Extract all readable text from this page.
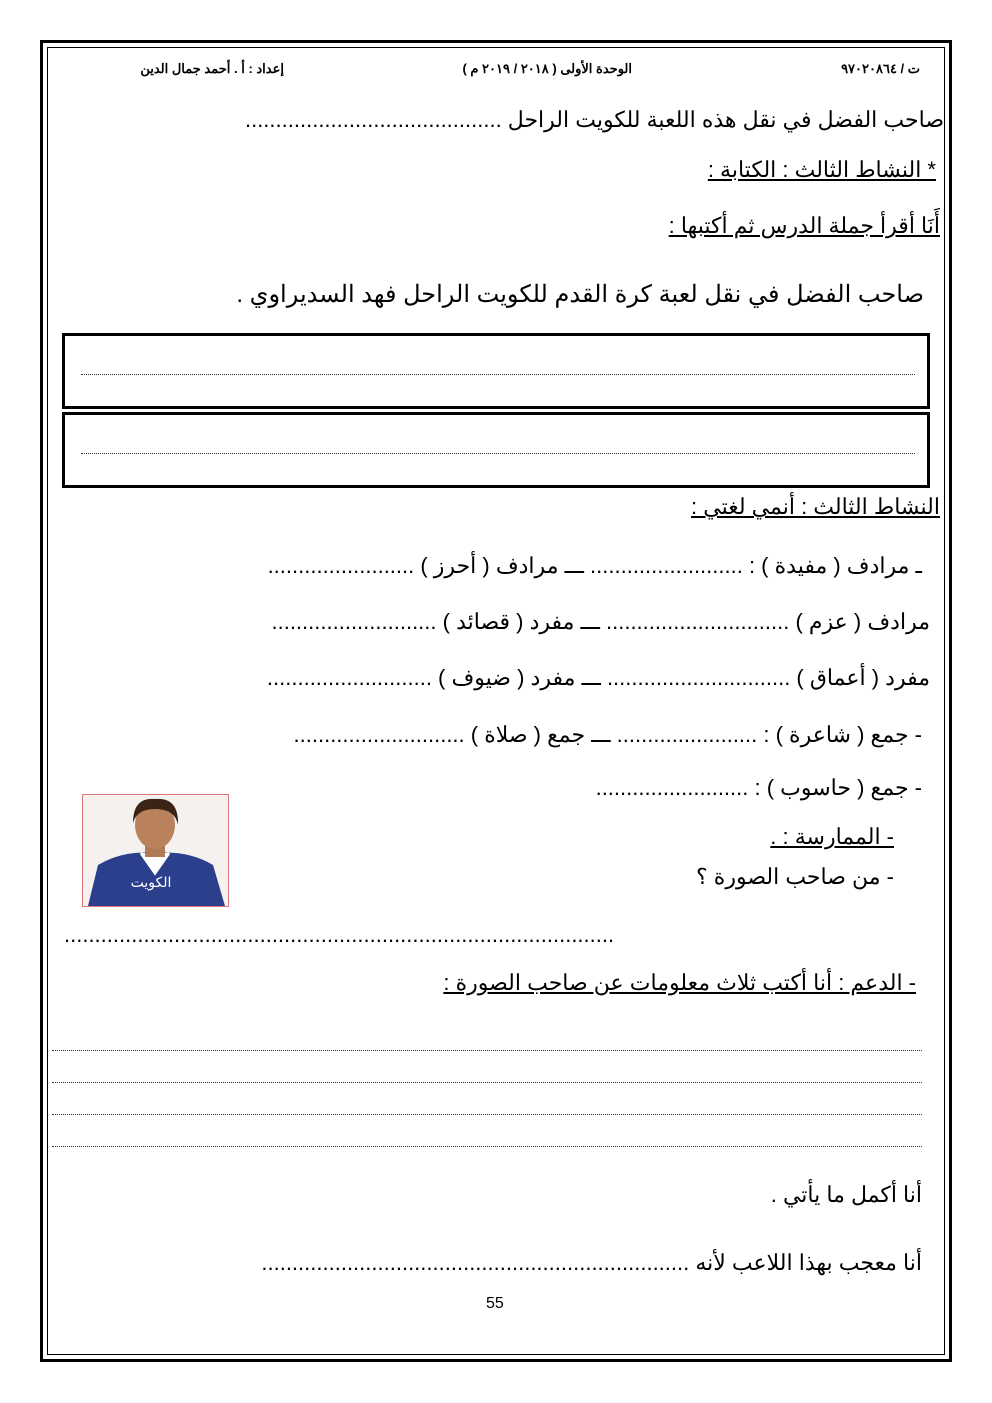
ت / ٩٧٠٢٠٨٦٤
الوحدة الأولى ( ٢٠١٨ / ٢٠١٩ م )
إعداد : أ . أحمد جمال الدين
صاحب الفضل في نقل هذه اللعبة للكويت الراحل ..........................................
* النشاط الثالث : الكتابة :
أَنَا أقرأ جملة الدرس ثم أكتبها :
صاحب الفضل في نقل لعبة كرة القدم للكويت الراحل فهد السديراوي .
النشاط الثالث : أنمي لغتي :
ـ مرادف ( مفيدة ) : ......................... ـــ مرادف ( أحرز ) ........................
مرادف ( عزم ) .............................. ـــ مفرد ( قصائد ) ...........................
مفرد ( أعماق ) .............................. ـــ مفرد ( ضيوف ) ...........................
- جمع ( شاعرة ) : ....................... ـــ جمع ( صلاة ) ............................
- جمع ( حاسوب ) : .........................
الكويت
- الممارسة : .
- من صاحب الصورة ؟
..........................................................................................
- الدعم : أنا أكتب ثلاث معلومات عن صاحب الصورة :
أنا أكمل ما يأتي .
أنا معجب بهذا اللاعب لأنه ......................................................................
55
